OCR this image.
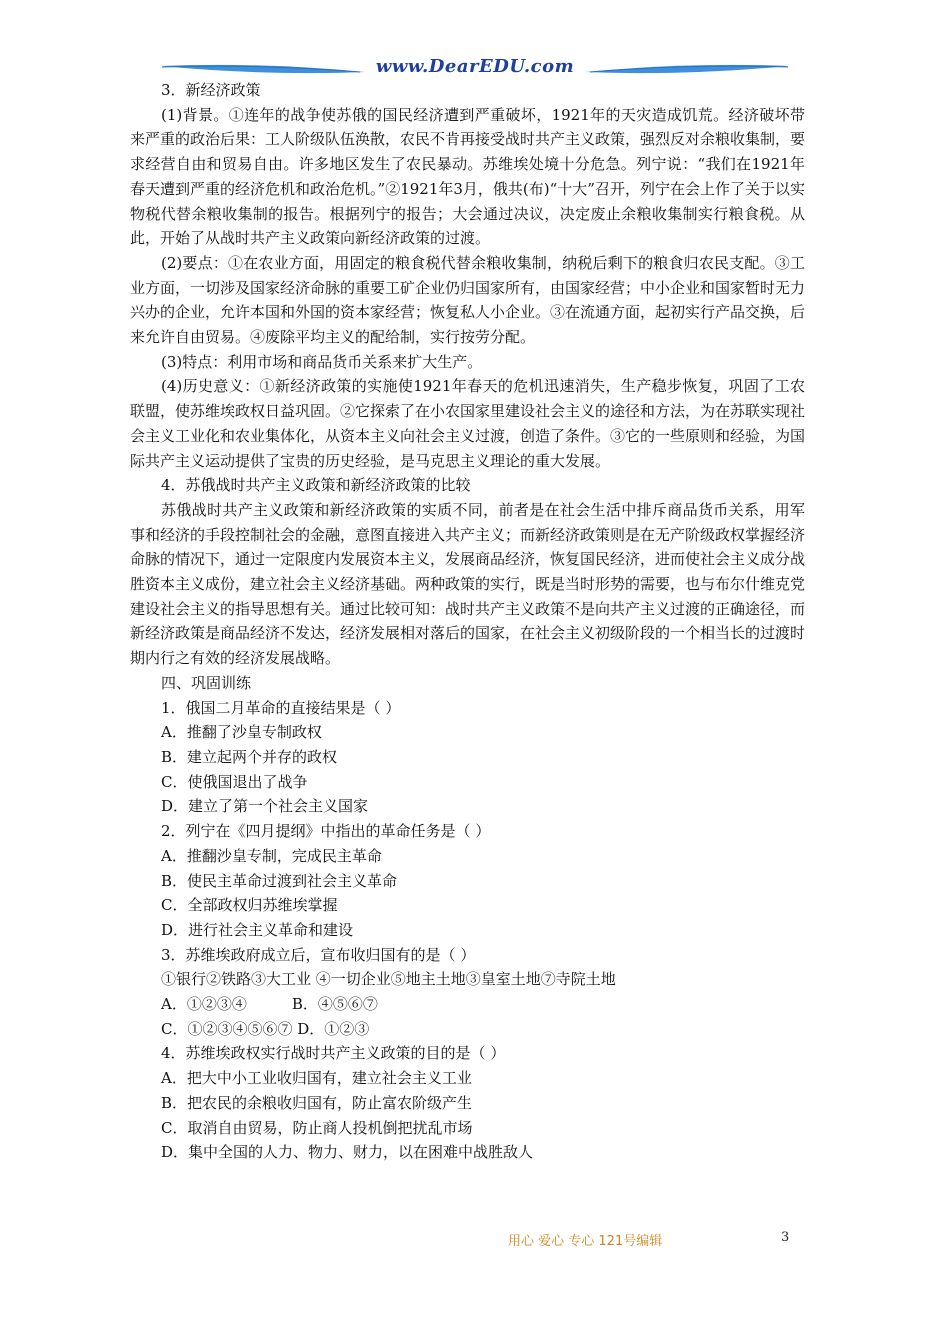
www.DearEDU.com

3．新经济政策

(1)背景。①连年的战争使苏俄的国民经济遭到严重破坏，1921年的天灾造成饥荒。经济破坏带来严重的政治后果：工人阶级队伍涣散，农民不肯再接受战时共产主义政策，强烈反对余粮收集制，要求经营自由和贸易自由。许多地区发生了农民暴动。苏维埃处境十分危急。列宁说：“我们在1921年春天遭到严重的经济危机和政治危机。”②1921年3月，俄共(布)“十大”召开，列宁在会上作了关于以实物税代替余粮收集制的报告。根据列宁的报告；大会通过决议，决定废止余粮收集制实行粮食税。从此，开始了从战时共产主义政策向新经济政策的过渡。

(2)要点：①在农业方面，用固定的粮食税代替余粮收集制，纳税后剩下的粮食归农民支配。③工业方面，一切涉及国家经济命脉的重要工矿企业仍归国家所有，由国家经营；中小企业和国家暂时无力兴办的企业，允许本国和外国的资本家经营；恢复私人小企业。③在流通方面，起初实行产品交换，后来允许自由贸易。④废除平均主义的配给制，实行按劳分配。

(3)特点：利用市场和商品货币关系来扩大生产。

(4)历史意义：①新经济政策的实施使1921年春天的危机迅速消失，生产稳步恢复，巩固了工农联盟，使苏维埃政权日益巩固。②它探索了在小农国家里建设社会主义的途径和方法，为在苏联实现社会主义工业化和农业集体化，从资本主义向社会主义过渡，创造了条件。③它的一些原则和经验，为国际共产主义运动提供了宝贵的历史经验，是马克思主义理论的重大发展。

4．苏俄战时共产主义政策和新经济政策的比较

苏俄战时共产主义政策和新经济政策的实质不同，前者是在社会生活中排斥商品货币关系，用军事和经济的手段控制社会的金融，意图直接进入共产主义；而新经济政策则是在无产阶级政权掌握经济命脉的情况下，通过一定限度内发展资本主义，发展商品经济，恢复国民经济，进而使社会主义成分战胜资本主义成份，建立社会主义经济基础。两种政策的实行，既是当时形势的需要，也与布尔什维克党建设社会主义的指导思想有关。通过比较可知：战时共产主义政策不是向共产主义过渡的正确途径，而新经济政策是商品经济不发达，经济发展相对落后的国家，在社会主义初级阶段的一个相当长的过渡时期内行之有效的经济发展战略。

四、巩固训练

1．俄国二月革命的直接结果是（ ）

A．推翻了沙皇专制政权

B．建立起两个并存的政权

C．使俄国退出了战争

D．建立了第一个社会主义国家

2．列宁在《四月提纲》中指出的革命任务是（ ）

A．推翻沙皇专制，完成民主革命

B．使民主革命过渡到社会主义革命

C．全部政权归苏维埃掌握

D．进行社会主义革命和建设

3．苏维埃政府成立后，宣布收归国有的是（ ）

①银行②铁路③大工业 ④一切企业⑤地主土地③皇室土地⑦寺院土地

A．①②③④　　　B．④⑤⑥⑦

C．①②③④⑤⑥⑦ D．①②③

4．苏维埃政权实行战时共产主义政策的目的是（ ）

A．把大中小工业收归国有，建立社会主义工业

B．把农民的余粮收归国有，防止富农阶级产生

C．取消自由贸易，防止商人投机倒把扰乱市场

D．集中全国的人力、物力、财力，以在困难中战胜敌人

用心 爱心 专心 121号编辑	3
